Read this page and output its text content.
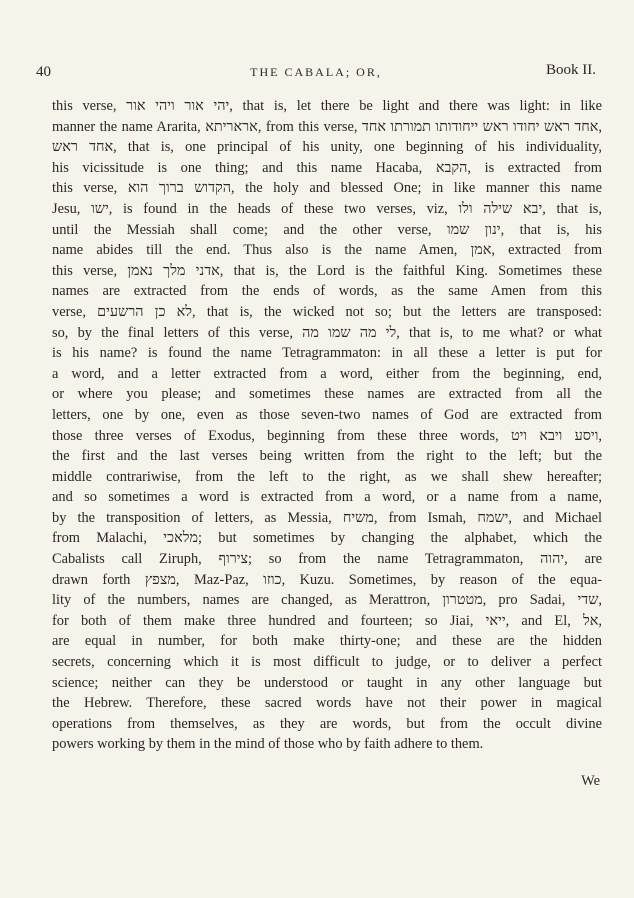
40	THE CABALA; OR,	Book II.
this verse, יהי אור ויהי אור, that is, let there be light and there was light: in like
manner the name Ararita, אראריתא, from this verse, אחד ראש יחודו ראש ייחודותו תמורתו אחד,
אחד ראש, that is, one principal of his unity, one beginning of his individuality,
his vicissitude is one thing; and this name Hacaba, הקבא, is extracted from
this verse, הקדוש ברוך הוא, the holy and blessed One; in like manner this name
Jesu, ישו, is found in the heads of these two verses, viz, יבא שילה ולו, that is,
until the Messiah shall come; and the other verse, ינון שמו, that is, his
name abides till the end. Thus also is the name Amen, אמן, extracted from
this verse, אדני מלך נאמן, that is, the Lord is the faithful King. Sometimes these
names are extracted from the ends of words, as the same Amen from this
verse, לא כן הרשעים, that is, the wicked not so; but the letters are transposed:
so, by the final letters of this verse, לי מה שמו מה, that is, to me what? or what
is his name? is found the name Tetragrammaton: in all these a letter is put for
a word, and a letter extracted from a word, either from the beginning, end,
or where you please; and sometimes these names are extracted from all the
letters, one by one, even as those seven-two names of God are extracted from
those three verses of Exodus, beginning from these three words, ויסע ויבא ויט,
the first and the last verses being written from the right to the left; but the
middle contrariwise, from the left to the right, as we shall shew hereafter;
and so sometimes a word is extracted from a word, or a name from a name,
by the transposition of letters, as Messia, משיח, from Ismah, ישמח, and Michael
from Malachi, מלאכי; but sometimes by changing the alphabet, which the
Cabalists call Ziruph, צירוף; so from the name Tetragrammaton, יהוה, are
drawn forth מצפץ, Maz-Paz, כוזו, Kuzu. Sometimes, by reason of the equa-
lity of the numbers, names are changed, as Merattron, מטטרון, pro Sadai, שדי,
for both of them make three hundred and fourteen; so Jiai, ייאי, and El, אל,
are equal in number, for both make thirty-one; and these are the hidden
secrets, concerning which it is most difficult to judge, or to deliver a perfect
science; neither can they be understood or taught in any other language but
the Hebrew. Therefore, these sacred words have not their power in magical
operations from themselves, as they are words, but from the occult divine
powers working by them in the mind of those who by faith adhere to them.
We
